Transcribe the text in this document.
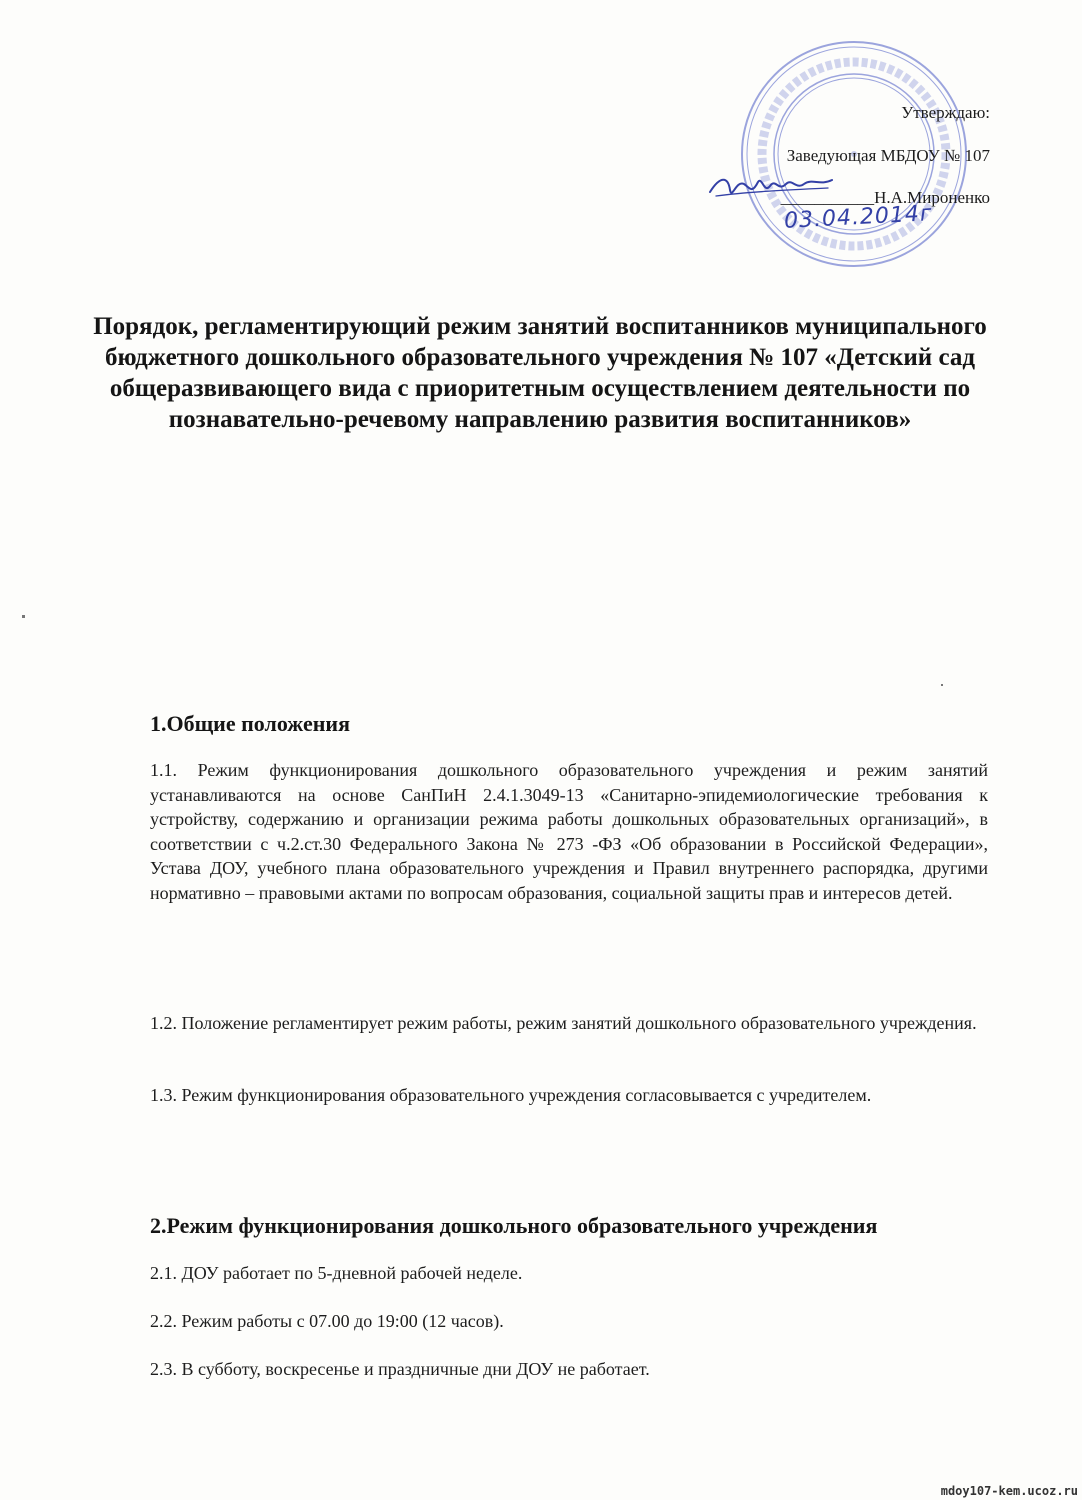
Утверждаю:
Заведующая МБДОУ № 107
___________Н.А.Мироненко
03.04.2014г
Порядок, регламентирующий режим занятий воспитанников муниципального бюджетного дошкольного образовательного учреждения № 107 «Детский сад общеразвивающего вида с приоритетным осуществлением деятельности по познавательно-речевому направлению развития воспитанников»
1.Общие положения
1.1. Режим функционирования дошкольного образовательного учреждения и режим занятий устанавливаются на основе СанПиН 2.4.1.3049-13 «Санитарно-эпидемиологические требования к устройству, содержанию и организации режима работы дошкольных образовательных организаций», в соответствии с ч.2.ст.30 Федерального Закона № 273 -ФЗ «Об образовании в Российской Федерации», Устава ДОУ, учебного плана образовательного учреждения и Правил внутреннего распорядка, другими нормативно – правовыми актами по вопросам образования, социальной защиты прав и интересов детей.
1.2. Положение регламентирует режим работы, режим занятий дошкольного образовательного учреждения.
1.3. Режим функционирования образовательного учреждения согласовывается с учредителем.
2.Режим функционирования дошкольного образовательного учреждения
2.1. ДОУ работает по 5-дневной рабочей неделе.
2.2. Режим работы с 07.00 до 19:00 (12 часов).
2.3. В субботу, воскресенье и праздничные дни ДОУ не работает.
mdoy107-kem.ucoz.ru
